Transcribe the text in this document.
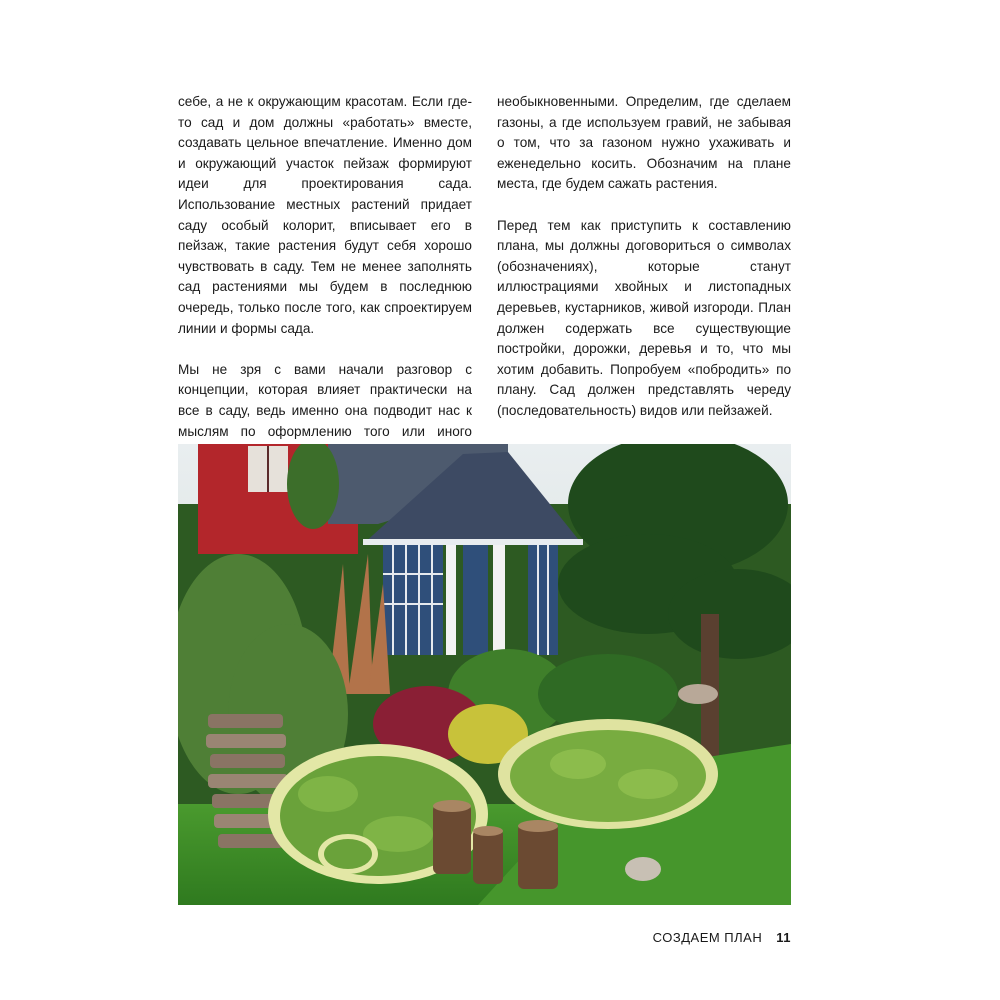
себе, а не к окружающим красотам. Если где-то сад и дом должны «работать» вместе, создавать цельное впечатление. Именно дом и окружающий участок пейзаж формируют идеи для проектирования сада. Использование местных растений придает саду особый колорит, вписывает его в пейзаж, такие растения будут себя хорошо чувствовать в саду. Тем не менее заполнять сад растениями мы будем в последнюю очередь, только после того, как спроектируем линии и формы сада.

Мы не зря с вами начали разговор с концепции, которая влияет практически на все в саду, ведь именно она подводит нас к мыслям по оформлению того или иного

необыкновенными. Определим, где сделаем газоны, а где используем гравий, не забывая о том, что за газоном нужно ухаживать и еженедельно косить. Обозначим на плане места, где будем сажать растения.

Перед тем как приступить к составлению плана, мы должны договориться о символах (обозначениях), которые станут иллюстрациями хвойных и листопадных деревьев, кустарников, живой изгороди. План должен содержать все существующие постройки, дорожки, деревья и то, что мы хотим добавить. Попробуем «побродить» по плану. Сад должен представлять череду (последовательность) видов или пейзажей.

СОЗДАЕМ ПЛАН 11
